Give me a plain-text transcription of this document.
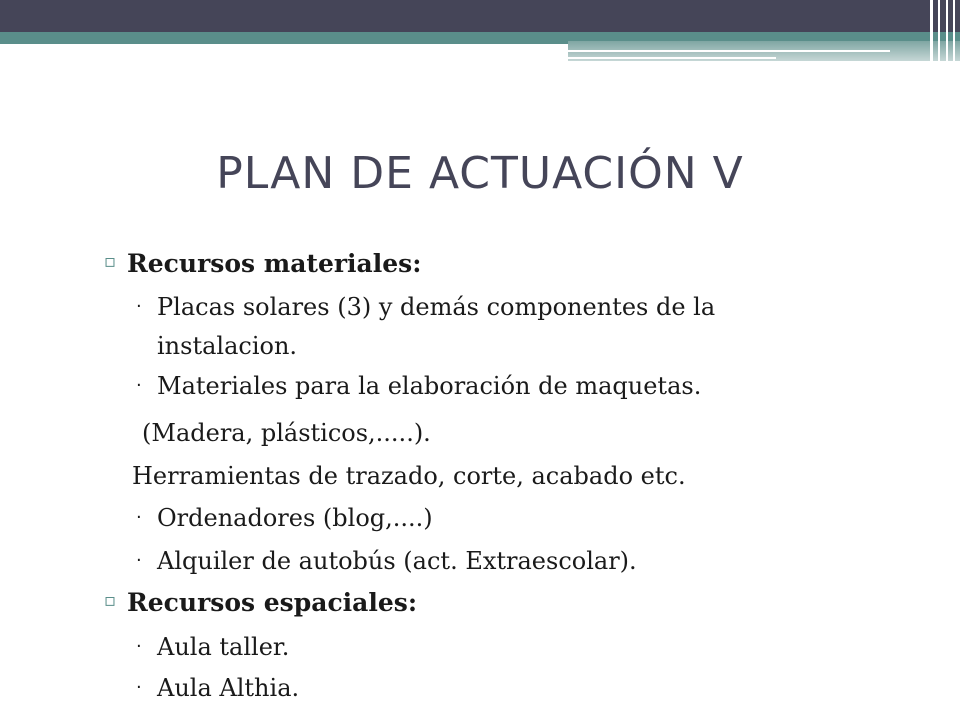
PLAN DE ACTUACIÓN V
▫ Recursos materiales:
· Placas solares (3) y demás componentes de la
instalacion.
· Materiales para la elaboración de maquetas.
(Madera, plásticos,.....).
Herramientas de trazado, corte, acabado etc.
· Ordenadores (blog,....)
· Alquiler de autobús (act. Extraescolar).
▫ Recursos espaciales:
· Aula taller.
· Aula Althia.
